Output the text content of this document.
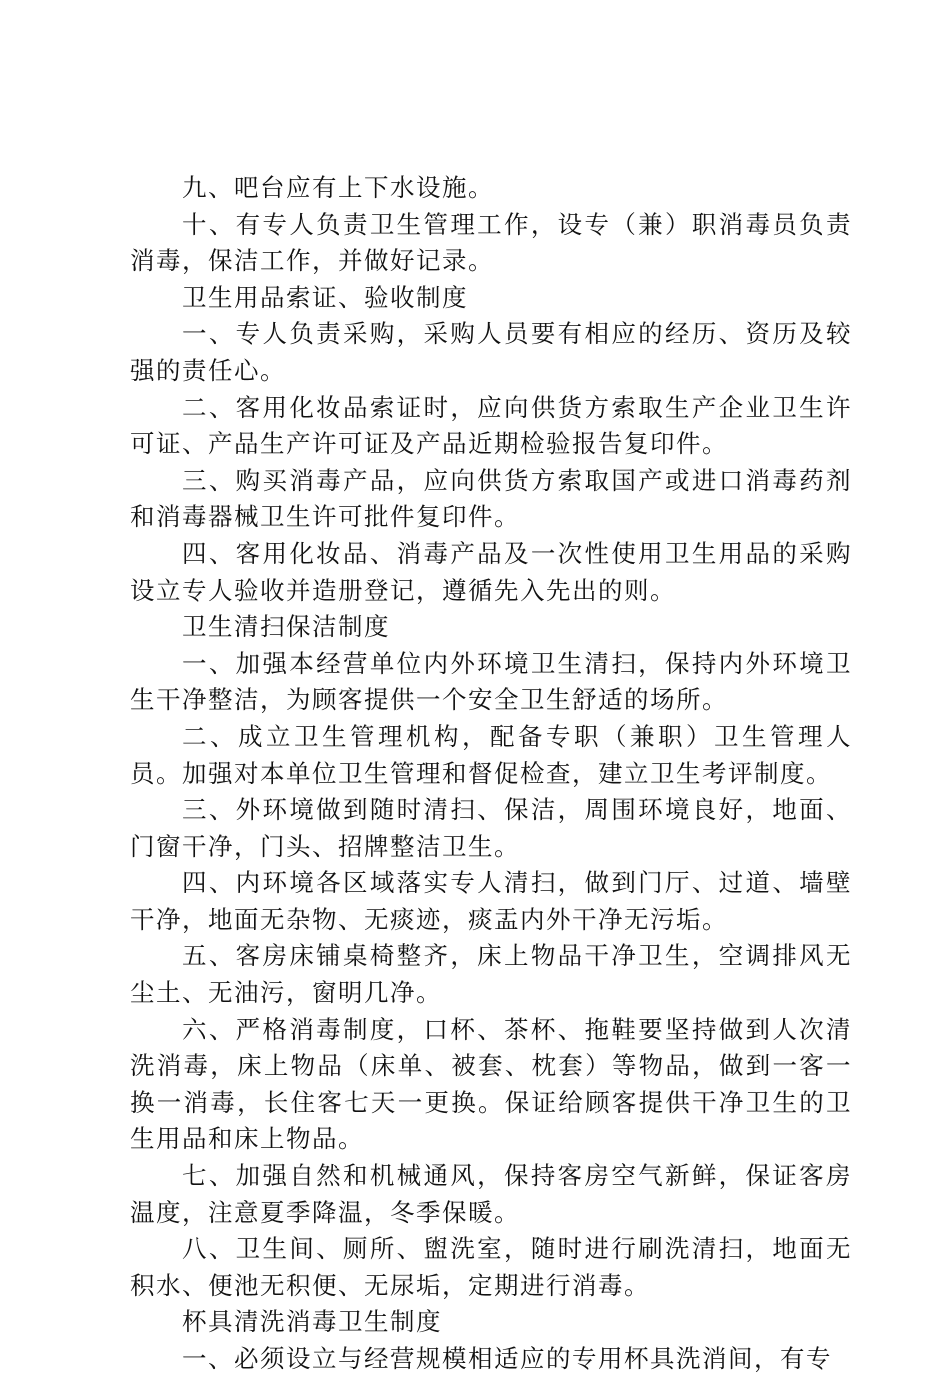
九、吧台应有上下水设施。

十、有专人负责卫生管理工作，设专（兼）职消毒员负责消毒，保洁工作，并做好记录。

卫生用品索证、验收制度

一、专人负责采购，采购人员要有相应的经历、资历及较强的责任心。

二、客用化妆品索证时，应向供货方索取生产企业卫生许可证、产品生产许可证及产品近期检验报告复印件。

三、购买消毒产品，应向供货方索取国产或进口消毒药剂和消毒器械卫生许可批件复印件。

四、客用化妆品、消毒产品及一次性使用卫生用品的采购设立专人验收并造册登记，遵循先入先出的则。

卫生清扫保洁制度

一、加强本经营单位内外环境卫生清扫，保持内外环境卫生干净整洁，为顾客提供一个安全卫生舒适的场所。

二、成立卫生管理机构，配备专职（兼职）卫生管理人员。加强对本单位卫生管理和督促检查，建立卫生考评制度。

三、外环境做到随时清扫、保洁，周围环境良好，地面、门窗干净，门头、招牌整洁卫生。

四、内环境各区域落实专人清扫，做到门厅、过道、墙壁干净，地面无杂物、无痰迹，痰盂内外干净无污垢。

五、客房床铺桌椅整齐，床上物品干净卫生，空调排风无尘土、无油污，窗明几净。

六、严格消毒制度，口杯、茶杯、拖鞋要坚持做到人次清洗消毒，床上物品（床单、被套、枕套）等物品，做到一客一换一消毒，长住客七天一更换。保证给顾客提供干净卫生的卫生用品和床上物品。

七、加强自然和机械通风，保持客房空气新鲜，保证客房温度，注意夏季降温，冬季保暖。

八、卫生间、厕所、盥洗室，随时进行刷洗清扫，地面无积水、便池无积便、无尿垢，定期进行消毒。

杯具清洗消毒卫生制度

一、必须设立与经营规模相适应的专用杯具洗消间，有专
